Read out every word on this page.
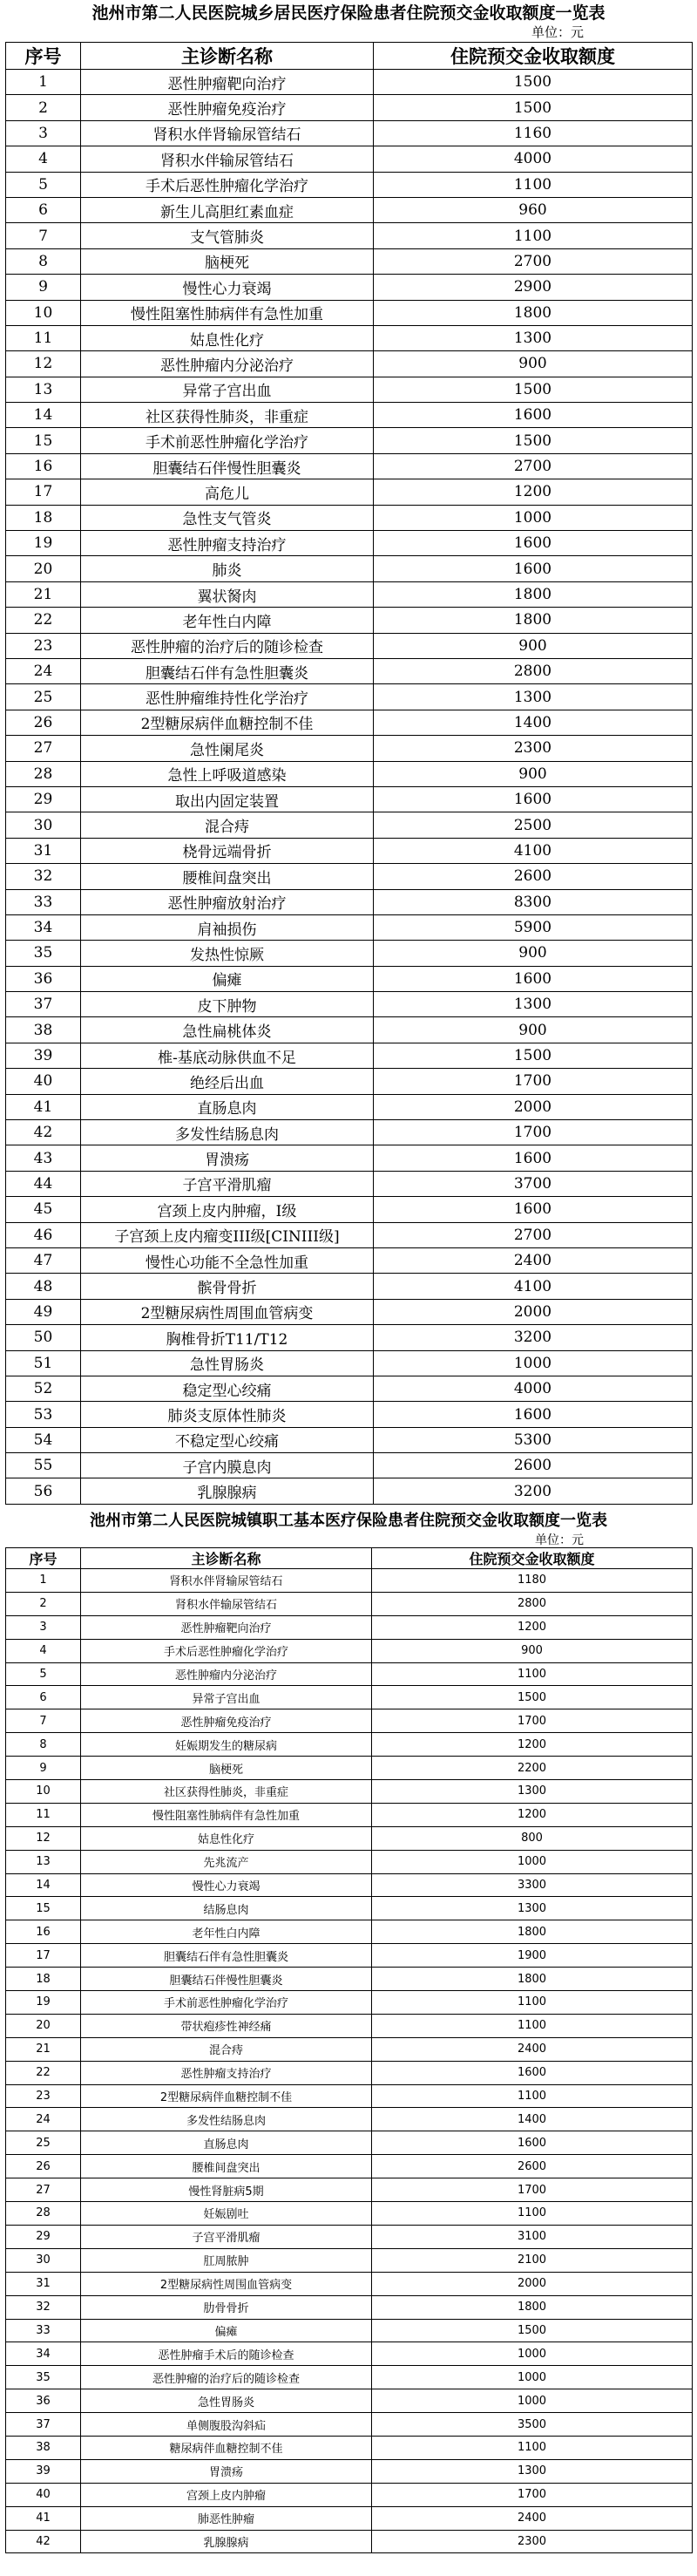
池州市第二人民医院城乡居民医疗保险患者住院预交金收取额度一览表
单位：元
序号	主诊断名称	住院预交金收取额度
1	恶性肿瘤靶向治疗	1500
2	恶性肿瘤免疫治疗	1500
3	肾积水伴肾输尿管结石	1160
4	肾积水伴输尿管结石	4000
5	手术后恶性肿瘤化学治疗	1100
6	新生儿高胆红素血症	960
7	支气管肺炎	1100
8	脑梗死	2700
9	慢性心力衰竭	2900
10	慢性阻塞性肺病伴有急性加重	1800
11	姑息性化疗	1300
12	恶性肿瘤内分泌治疗	900
13	异常子宫出血	1500
14	社区获得性肺炎，非重症	1600
15	手术前恶性肿瘤化学治疗	1500
16	胆囊结石伴慢性胆囊炎	2700
17	高危儿	1200
18	急性支气管炎	1000
19	恶性肿瘤支持治疗	1600
20	肺炎	1600
21	翼状胬肉	1800
22	老年性白内障	1800
23	恶性肿瘤的治疗后的随诊检查	900
24	胆囊结石伴有急性胆囊炎	2800
25	恶性肿瘤维持性化学治疗	1300
26	2型糖尿病伴血糖控制不佳	1400
27	急性阑尾炎	2300
28	急性上呼吸道感染	900
29	取出内固定装置	1600
30	混合痔	2500
31	桡骨远端骨折	4100
32	腰椎间盘突出	2600
33	恶性肿瘤放射治疗	8300
34	肩袖损伤	5900
35	发热性惊厥	900
36	偏瘫	1600
37	皮下肿物	1300
38	急性扁桃体炎	900
39	椎-基底动脉供血不足	1500
40	绝经后出血	1700
41	直肠息肉	2000
42	多发性结肠息肉	1700
43	胃溃疡	1600
44	子宫平滑肌瘤	3700
45	宫颈上皮内肿瘤，I级	1600
46	子宫颈上皮内瘤变III级[CINIII级]	2700
47	慢性心功能不全急性加重	2400
48	髌骨骨折	4100
49	2型糖尿病性周围血管病变	2000
50	胸椎骨折T11/T12	3200
51	急性胃肠炎	1000
52	稳定型心绞痛	4000
53	肺炎支原体性肺炎	1600
54	不稳定型心绞痛	5300
55	子宫内膜息肉	2600
56	乳腺腺病	3200
池州市第二人民医院城镇职工基本医疗保险患者住院预交金收取额度一览表
单位：元
序号	主诊断名称	住院预交金收取额度
1	肾积水伴肾输尿管结石	1180
2	肾积水伴输尿管结石	2800
3	恶性肿瘤靶向治疗	1200
4	手术后恶性肿瘤化学治疗	900
5	恶性肿瘤内分泌治疗	1100
6	异常子宫出血	1500
7	恶性肿瘤免疫治疗	1700
8	妊娠期发生的糖尿病	1200
9	脑梗死	2200
10	社区获得性肺炎，非重症	1300
11	慢性阻塞性肺病伴有急性加重	1200
12	姑息性化疗	800
13	先兆流产	1000
14	慢性心力衰竭	3300
15	结肠息肉	1300
16	老年性白内障	1800
17	胆囊结石伴有急性胆囊炎	1900
18	胆囊结石伴慢性胆囊炎	1800
19	手术前恶性肿瘤化学治疗	1100
20	带状疱疹性神经痛	1100
21	混合痔	2400
22	恶性肿瘤支持治疗	1600
23	2型糖尿病伴血糖控制不佳	1100
24	多发性结肠息肉	1400
25	直肠息肉	1600
26	腰椎间盘突出	2600
27	慢性肾脏病5期	1700
28	妊娠剧吐	1100
29	子宫平滑肌瘤	3100
30	肛周脓肿	2100
31	2型糖尿病性周围血管病变	2000
32	肋骨骨折	1800
33	偏瘫	1500
34	恶性肿瘤手术后的随诊检查	1000
35	恶性肿瘤的治疗后的随诊检查	1000
36	急性胃肠炎	1000
37	单侧腹股沟斜疝	3500
38	糖尿病伴血糖控制不佳	1100
39	胃溃疡	1300
40	宫颈上皮内肿瘤	1700
41	肺恶性肿瘤	2400
42	乳腺腺病	2300
